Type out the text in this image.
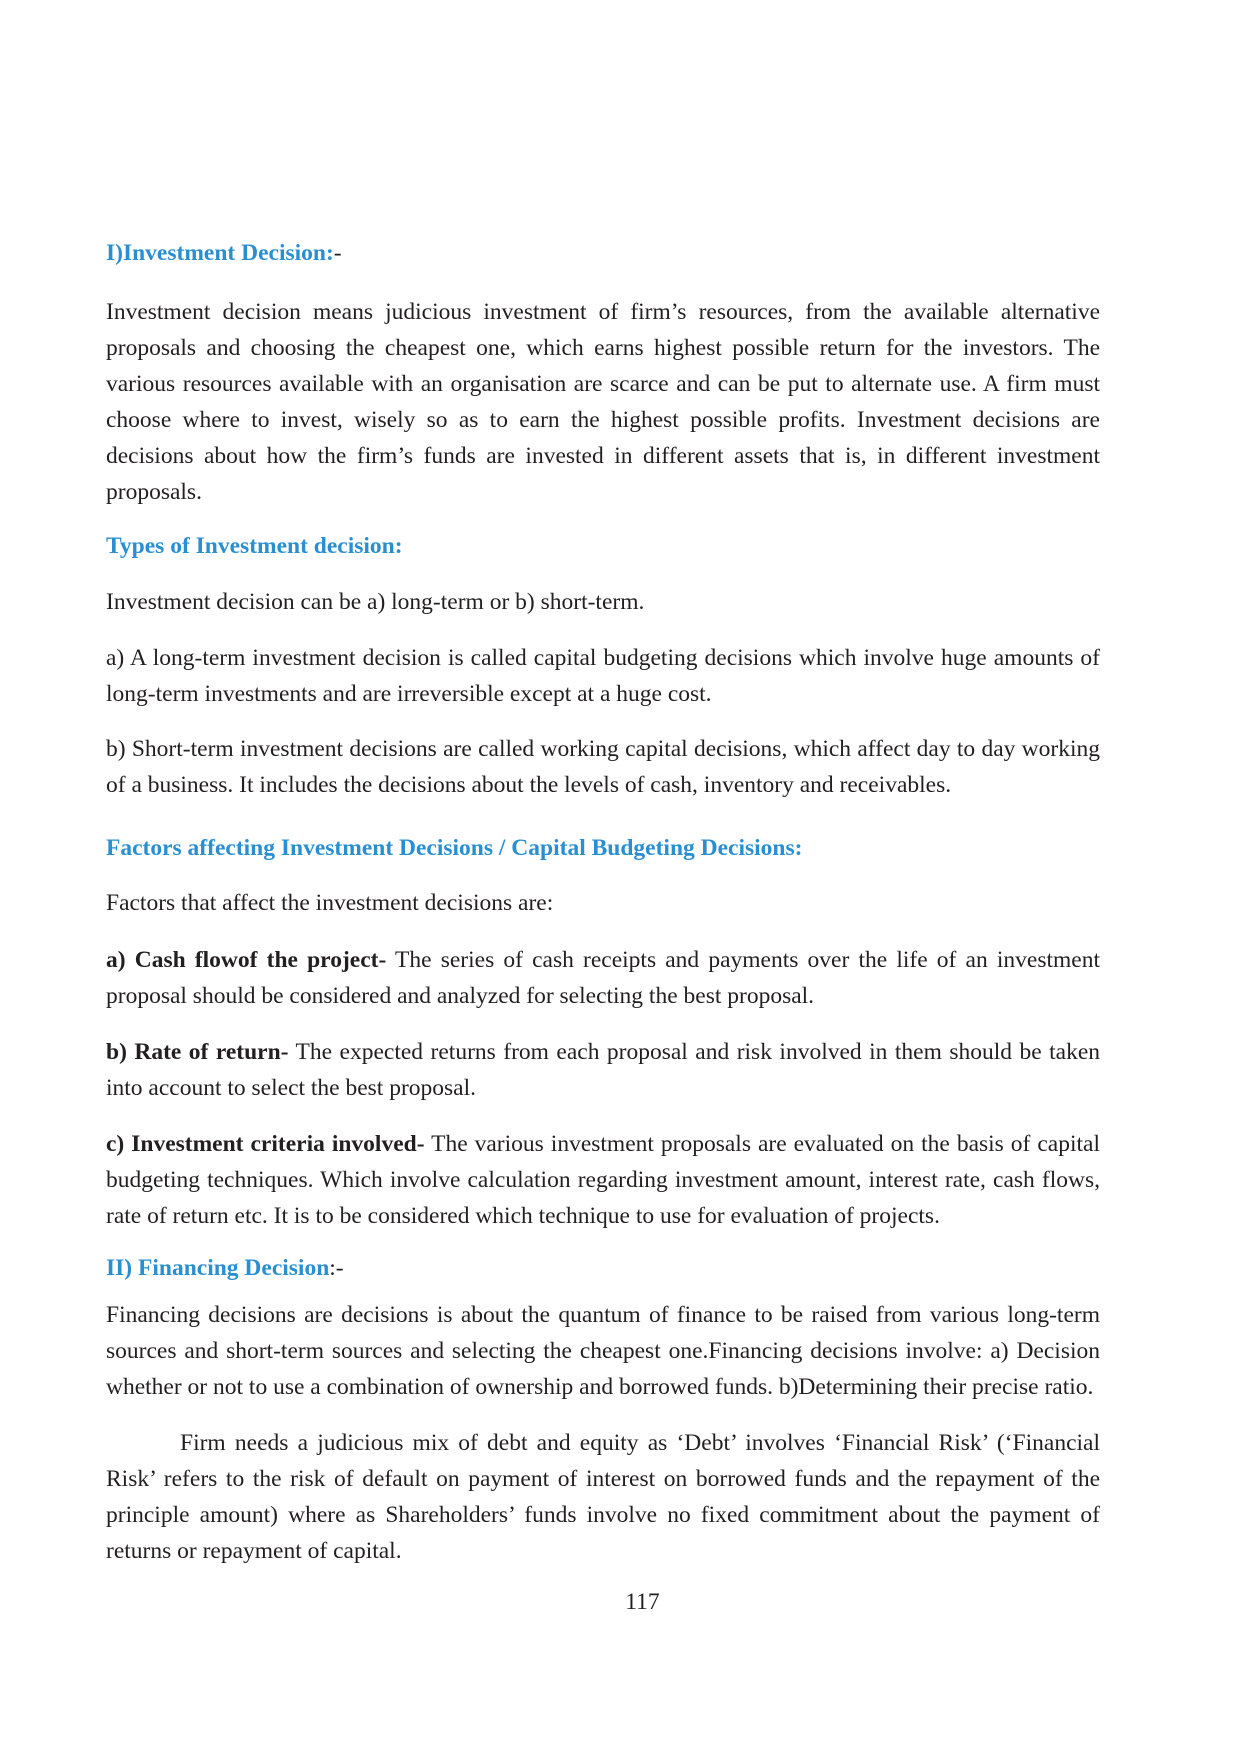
I)Investment Decision:-

Investment decision means judicious investment of firm’s resources, from the available alternative proposals and choosing the cheapest one, which earns highest possible return for the investors. The various resources available with an organisation are scarce and can be put to alternate use. A firm must choose where to invest, wisely so as to earn the highest possible profits. Investment decisions are decisions about how the firm’s funds are invested in different assets that is, in different investment proposals.

Types of Investment decision:

Investment decision can be a) long-term or b) short-term.

a) A long-term investment decision is called capital budgeting decisions which involve huge amounts of long-term investments and are irreversible except at a huge cost.

b) Short-term investment decisions are called working capital decisions, which affect day to day working of a business. It includes the decisions about the levels of cash, inventory and receivables.

Factors affecting Investment Decisions / Capital Budgeting Decisions:

Factors that affect the investment decisions are:

a) Cash flowof the project- The series of cash receipts and payments over the life of an investment proposal should be considered and analyzed for selecting the best proposal.

b) Rate of return- The expected returns from each proposal and risk involved in them should be taken into account to select the best proposal.

c) Investment criteria involved- The various investment proposals are evaluated on the basis of capital budgeting techniques. Which involve calculation regarding investment amount, interest rate, cash flows, rate of return etc. It is to be considered which technique to use for evaluation of projects.

II) Financing Decision:-

Financing decisions are decisions is about the quantum of finance to be raised from various long-term sources and short-term sources and selecting the cheapest one.Financing decisions involve: a) Decision whether or not to use a combination of ownership and borrowed funds. b)Determining their precise ratio.

Firm needs a judicious mix of debt and equity as ‘Debt’ involves ‘Financial Risk’ (‘Financial Risk’ refers to the risk of default on payment of interest on borrowed funds and the repayment of the principle amount) where as Shareholders’ funds involve no fixed commitment about the payment of returns or repayment of capital.

117
